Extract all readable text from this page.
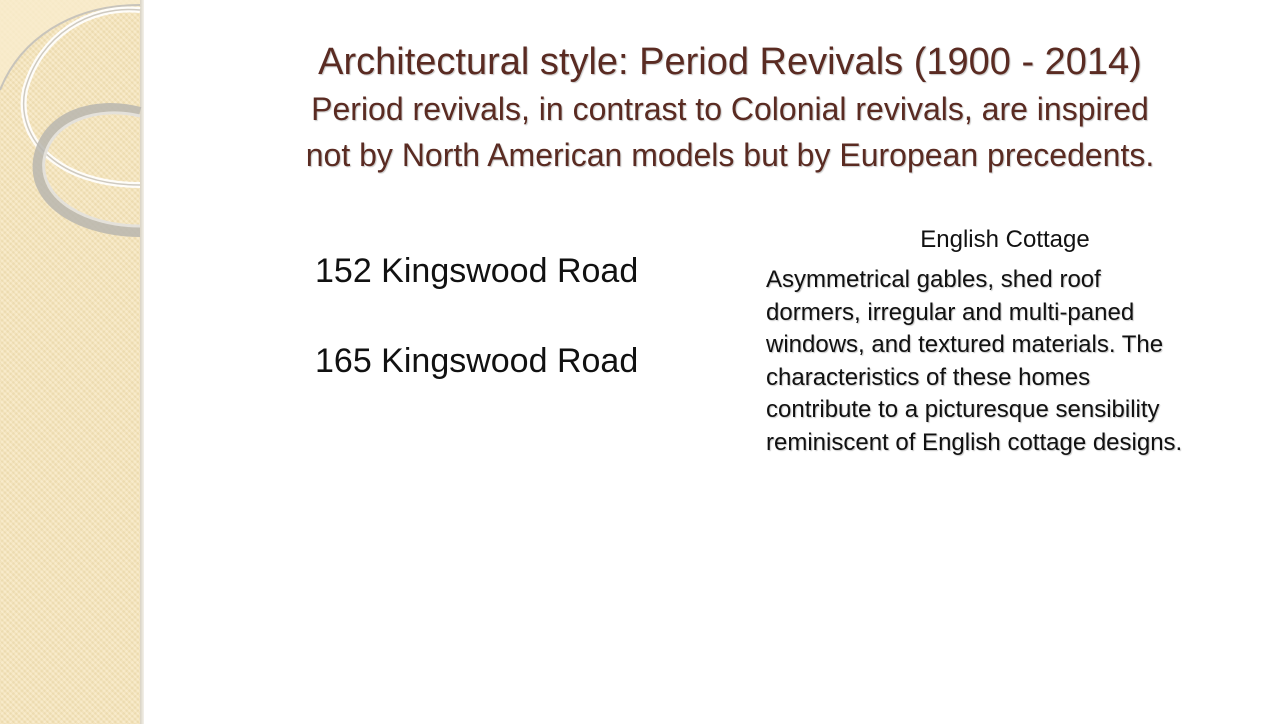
Architectural style: Period Revivals (1900 - 2014)
Period revivals, in contrast to Colonial revivals, are inspired
not by North American models but by European precedents.
152 Kingswood Road
165 Kingswood Road
English Cottage
Asymmetrical gables, shed roof
dormers, irregular and multi-paned
windows, and textured materials. The
characteristics of these homes
contribute to a picturesque sensibility
reminiscent of English cottage designs.
